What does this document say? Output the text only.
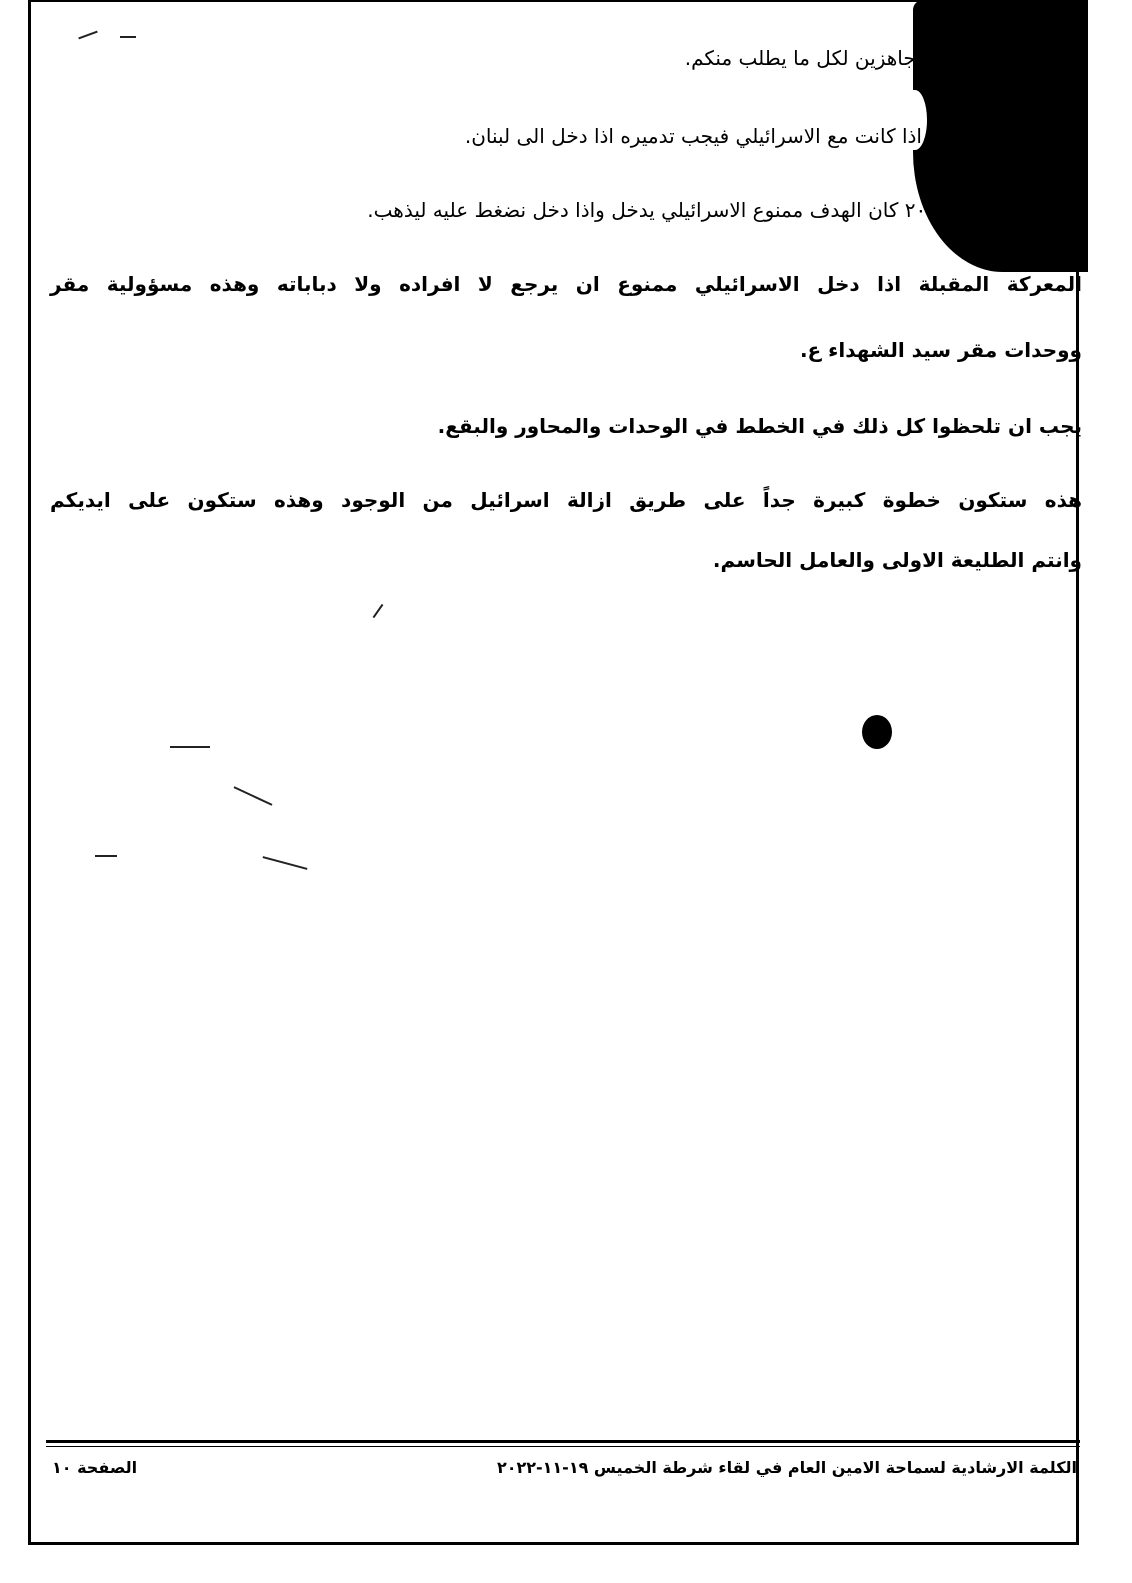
روا جاهزين لكل ما يطلب منكم.
اذا كانت مع الاسرائيلي فيجب تدميره اذا دخل الى لبنان.
ام ٢٠٠٦ كان الهدف ممنوع الاسرائيلي يدخل واذا دخل نضغط عليه ليذهب.
المعركة المقبلة اذا دخل الاسرائيلي ممنوع ان يرجع لا افراده ولا دباباته وهذه مسؤولية مقر
ووحدات مقر سيد الشهداء ع.
يجب ان تلحظوا كل ذلك في الخطط في الوحدات والمحاور والبقع.
هذه ستكون خطوة كبيرة جداً على طريق ازالة اسرائيل من الوجود وهذه ستكون على ايديكم
وانتم الطليعة الاولى والعامل الحاسم.
الكلمة الارشادية لسماحة الامين العام في لقاء شرطة الخميس ١٩-١١-٢٠٢٢
الصفحة ١٠
